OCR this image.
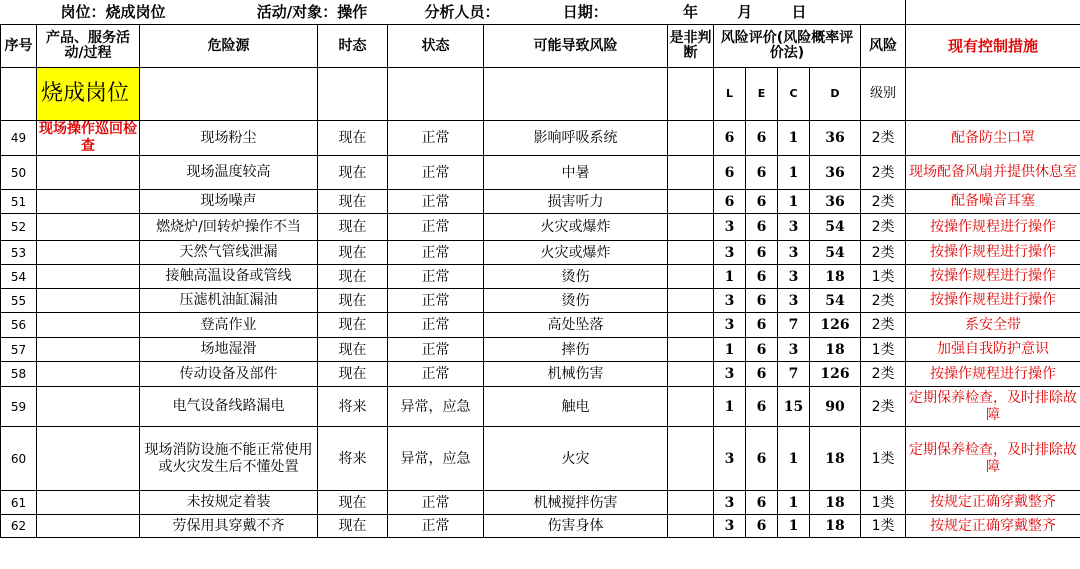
岗位：烧成岗位 活动/对象：操作 分析人员： 日期： 年 月 日												
序号	产品、服务活动/过程	危险源	时态	状态	可能导致风险	是非判断	风险评价(风险概率评价法)				风险	现有控制措施
	烧成岗位						L	E	C	D	级别	
49	现场操作巡回检查	现场粉尘	现在	正常	影响呼吸系统		6	6	1	36	2类	配备防尘口罩
50		现场温度较高	现在	正常	中暑		6	6	1	36	2类	现场配备风扇并提供休息室
51		现场噪声	现在	正常	损害听力		6	6	1	36	2类	配备噪音耳塞
52		燃烧炉/回转炉操作不当	现在	正常	火灾或爆炸		3	6	3	54	2类	按操作规程进行操作
53		天然气管线泄漏	现在	正常	火灾或爆炸		3	6	3	54	2类	按操作规程进行操作
54		接触高温设备或管线	现在	正常	烫伤		1	6	3	18	1类	按操作规程进行操作
55		压滤机油缸漏油	现在	正常	烫伤		3	6	3	54	2类	按操作规程进行操作
56		登高作业	现在	正常	高处坠落		3	6	7	126	2类	系安全带
57		场地湿滑	现在	正常	摔伤		1	6	3	18	1类	加强自我防护意识
58		传动设备及部件	现在	正常	机械伤害		3	6	7	126	2类	按操作规程进行操作
59		电气设备线路漏电	将来	异常，应急	触电		1	6	15	90	2类	定期保养检查，及时排除故障
60		现场消防设施不能正常使用或火灾发生后不懂处置	将来	异常，应急	火灾		3	6	1	18	1类	定期保养检查，及时排除故障
61		未按规定着装	现在	正常	机械搅拌伤害		3	6	1	18	1类	按规定正确穿戴整齐
62		劳保用具穿戴不齐	现在	正常	伤害身体		3	6	1	18	1类	按规定正确穿戴整齐
